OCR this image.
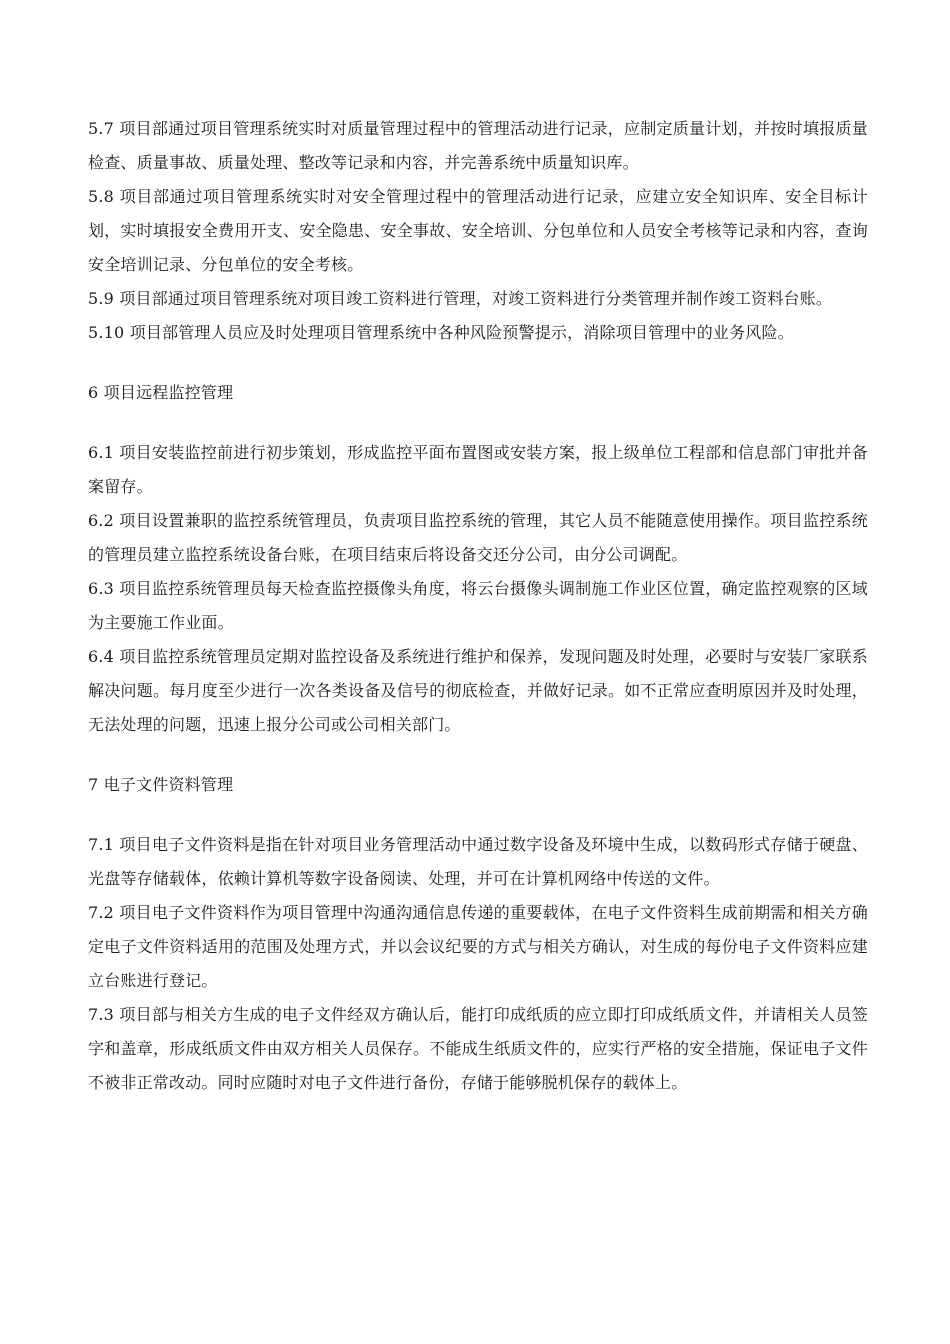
5.7 项目部通过项目管理系统实时对质量管理过程中的管理活动进行记录，应制定质量计划，并按时填报质量检查、质量事故、质量处理、整改等记录和内容，并完善系统中质量知识库。

5.8 项目部通过项目管理系统实时对安全管理过程中的管理活动进行记录，应建立安全知识库、安全目标计划，实时填报安全费用开支、安全隐患、安全事故、安全培训、分包单位和人员安全考核等记录和内容，查询安全培训记录、分包单位的安全考核。

5.9 项目部通过项目管理系统对项目竣工资料进行管理，对竣工资料进行分类管理并制作竣工资料台账。

5.10 项目部管理人员应及时处理项目管理系统中各种风险预警提示，消除项目管理中的业务风险。

6 项目远程监控管理

6.1 项目安装监控前进行初步策划，形成监控平面布置图或安装方案，报上级单位工程部和信息部门审批并备案留存。

6.2 项目设置兼职的监控系统管理员，负责项目监控系统的管理，其它人员不能随意使用操作。项目监控系统的管理员建立监控系统设备台账，在项目结束后将设备交还分公司，由分公司调配。

6.3 项目监控系统管理员每天检查监控摄像头角度，将云台摄像头调制施工作业区位置，确定监控观察的区域为主要施工作业面。

6.4 项目监控系统管理员定期对监控设备及系统进行维护和保养，发现问题及时处理，必要时与安装厂家联系解决问题。每月度至少进行一次各类设备及信号的彻底检查，并做好记录。如不正常应查明原因并及时处理，无法处理的问题，迅速上报分公司或公司相关部门。

7 电子文件资料管理

7.1 项目电子文件资料是指在针对项目业务管理活动中通过数字设备及环境中生成，以数码形式存储于硬盘、光盘等存储载体，依赖计算机等数字设备阅读、处理，并可在计算机网络中传送的文件。

7.2 项目电子文件资料作为项目管理中沟通沟通信息传递的重要载体，在电子文件资料生成前期需和相关方确定电子文件资料适用的范围及处理方式，并以会议纪要的方式与相关方确认，对生成的每份电子文件资料应建立台账进行登记。

7.3 项目部与相关方生成的电子文件经双方确认后，能打印成纸质的应立即打印成纸质文件，并请相关人员签字和盖章，形成纸质文件由双方相关人员保存。不能成生纸质文件的，应实行严格的安全措施，保证电子文件不被非正常改动。同时应随时对电子文件进行备份，存储于能够脱机保存的载体上。
